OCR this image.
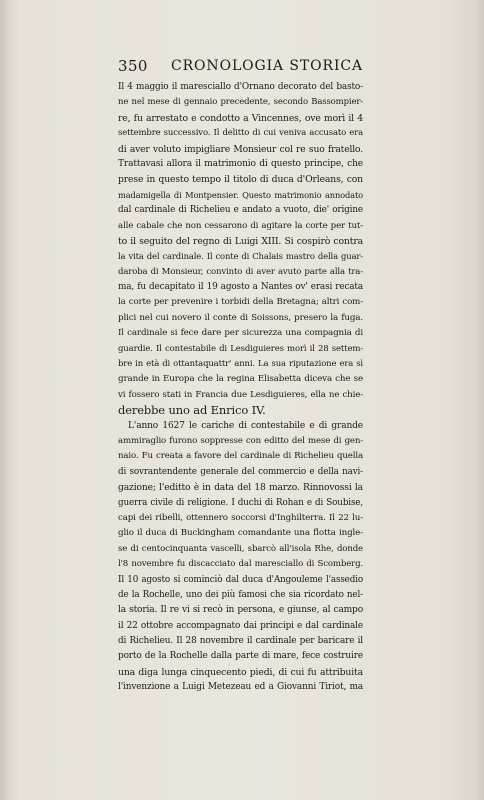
350 CRONOLOGIA STORICA
Il 4 maggio il maresciallo d'Ornano decorato del basto-
ne nel mese di gennaio precedente, secondo Bassompier-
re, fu arrestato e condotto a Vincennes, ove morì il 4
settembre successivo. Il delitto di cui veniva accusato era
di aver voluto impigliare Monsieur col re suo fratello.
Trattavasi allora il matrimonio di questo principe, che
prese in questo tempo il titolo di duca d'Orleans, con
madamigella di Montpensier. Questo matrimonio annodato
dal cardinale di Richelieu e andato a vuoto, die' origine
alle cabale che non cessarono di agitare la corte per tut-
to il seguito del regno di Luigi XIII. Si cospirò contra
la vita del cardinale. Il conte di Chalais mastro della guar-
daroba di Monsieur, convinto di aver avuto parte alla tra-
ma, fu decapitato il 19 agosto a Nantes ov' erasi recata
la corte per prevenire i torbidi della Bretagna; altri com-
plici nel cui novero il conte di Soissons, presero la fuga.
Il cardinale si fece dare per sicurezza una compagnia di
guardie. Il contestabile di Lesdiguieres morì il 28 settem-
bre in età di ottantaquattr' anni. La sua riputazione era sì
grande in Europa che la regina Elisabetta diceva che se
vi fossero stati in Francia due Lesdiguieres, ella ne chie-
derebbe uno ad Enrico IV.
L'anno 1627 le cariche di contestabile e di grande
ammiraglio furono soppresse con editto del mese di gen-
naio. Fu creata a favore del cardinale di Richelieu quella
di sovrantendente generale del commercio e della navi-
gazione; l'editto è in data del 18 marzo. Rinnovossi la
guerra civile di religione. I duchi di Rohan e di Soubise,
capi dei ribelli, ottennero soccorsi d'Inghilterra. Il 22 lu-
glio il duca di Buckingham comandante una flotta ingle-
se di centocinquanta vascelli, sbarcò all'isola Rhe, donde
l'8 novembre fu discacciato dal maresciallo di Scomberg.
Il 10 agosto si cominciò dal duca d'Angouleme l'assedio
de la Rochelle, uno dei più famosi che sia ricordato nel-
la storia. Il re vi si recò in persona, e giunse, al campo
il 22 ottobre accompagnato dai principi e dal cardinale
di Richelieu. Il 28 novembre il cardinale per baricare il
porto de la Rochelle dalla parte di mare, fece costruire
una diga lunga cinquecento piedi, di cui fu attribuita
l'invenzione a Luigi Metezeau ed a Giovanni Tiriot, ma
